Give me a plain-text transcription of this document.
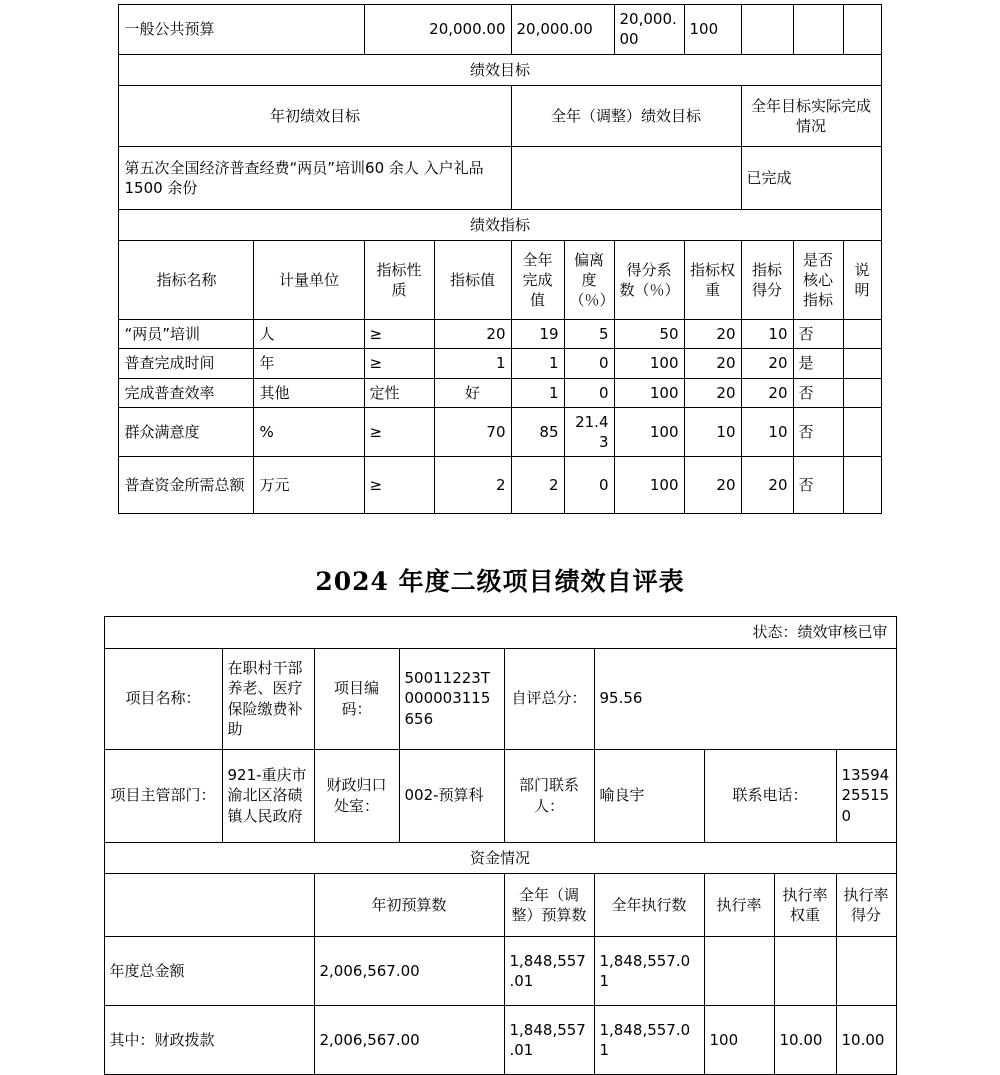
一般公共预算		20,000.00		20,000.00		20,000.00	100			
绩效目标										
年初绩效目标				全年（调整）绩效目标				全年目标实际完成情况		
第五次全国经济普查经费“两员”培训60 余人 入户礼品 1500 余份								已完成		
绩效指标										
指标名称	计量单位	指标性质	指标值	全年完成值	偏离度（％）	得分系数（％）	指标权重	指标得分	是否核心指标	说明
“两员”培训	人	≥	20	19	5	50	20	10	否	
普查完成时间	年	≥	1	1	0	100	20	20	是	
完成普查效率	其他	定性	好	1	0	100	20	20	否	
群众满意度	%	≥	70	85	21.43	100	10	10	否	
普查资金所需总额	万元	≥	2	2	0	100	20	20	否	
2024 年度二级项目绩效自评表
状态：绩效审核已审								
项目名称：	在职村干部养老、医疗保险缴费补助	项目编码：	50011223T000003115656	自评总分：	95.56			
项目主管部门：	921-重庆市渝北区洛碛镇人民政府	财政归口处室：	002-预算科	部门联系人：	喻良宇	联系电话：		13594255150
资金情况								
		年初预算数		全年（调整）预算数	全年执行数	执行率	执行率权重	执行率得分
年度总金额		2,006,567.00		1,848,557.01	1,848,557.01			
其中：财政拨款		2,006,567.00		1,848,557.01	1,848,557.01	100	10.00	10.00
